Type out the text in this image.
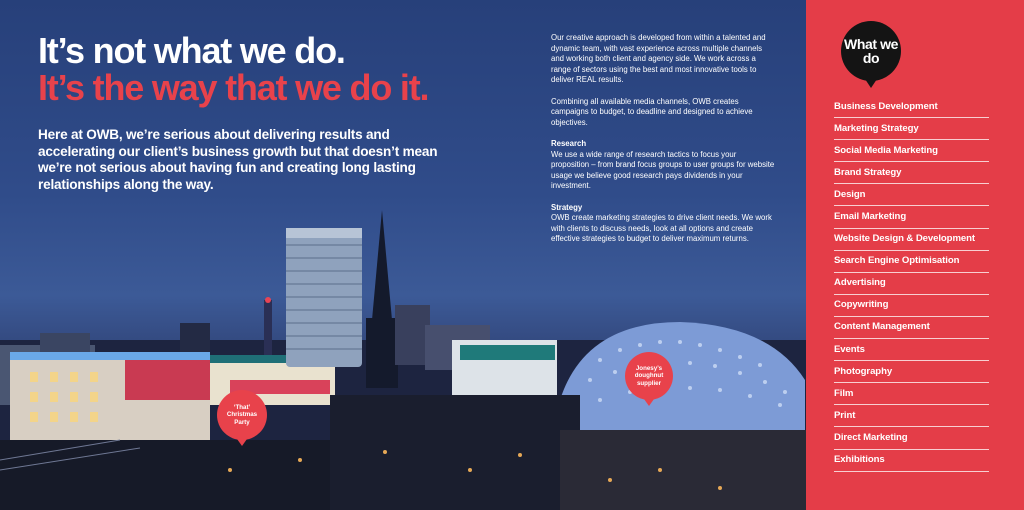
It’s not what we do.
It’s the way that we do it.

Here at OWB, we’re serious about delivering results and accelerating our client’s business growth but that doesn’t mean we’re not serious about having fun and creating long lasting relationships along the way.

Our creative approach is developed from within a talented and dynamic team, with vast experience across multiple channels and working both client and agency side. We work across a range of sectors using the best and most innovative tools to deliver REAL results.

Combining all available media channels, OWB creates campaigns to budget, to deadline and designed to achieve objectives.

Research

We use a wide range of research tactics to focus your proposition – from brand focus groups to user groups for website usage we believe good research pays dividends in your investment.

Strategy

OWB create marketing strategies to drive client needs. We work with clients to discuss needs, look at all options and create effective strategies to budget to deliver maximum returns.

‘That’ Christmas Party
Jonesy’s doughnut supplier
What we do
Business Development
Marketing Strategy
Social Media Marketing
Brand Strategy
Design
Email Marketing
Website Design & Development
Search Engine Optimisation
Advertising
Copywriting
Content Management
Events
Photography
Film
Print
Direct Marketing
Exhibitions
